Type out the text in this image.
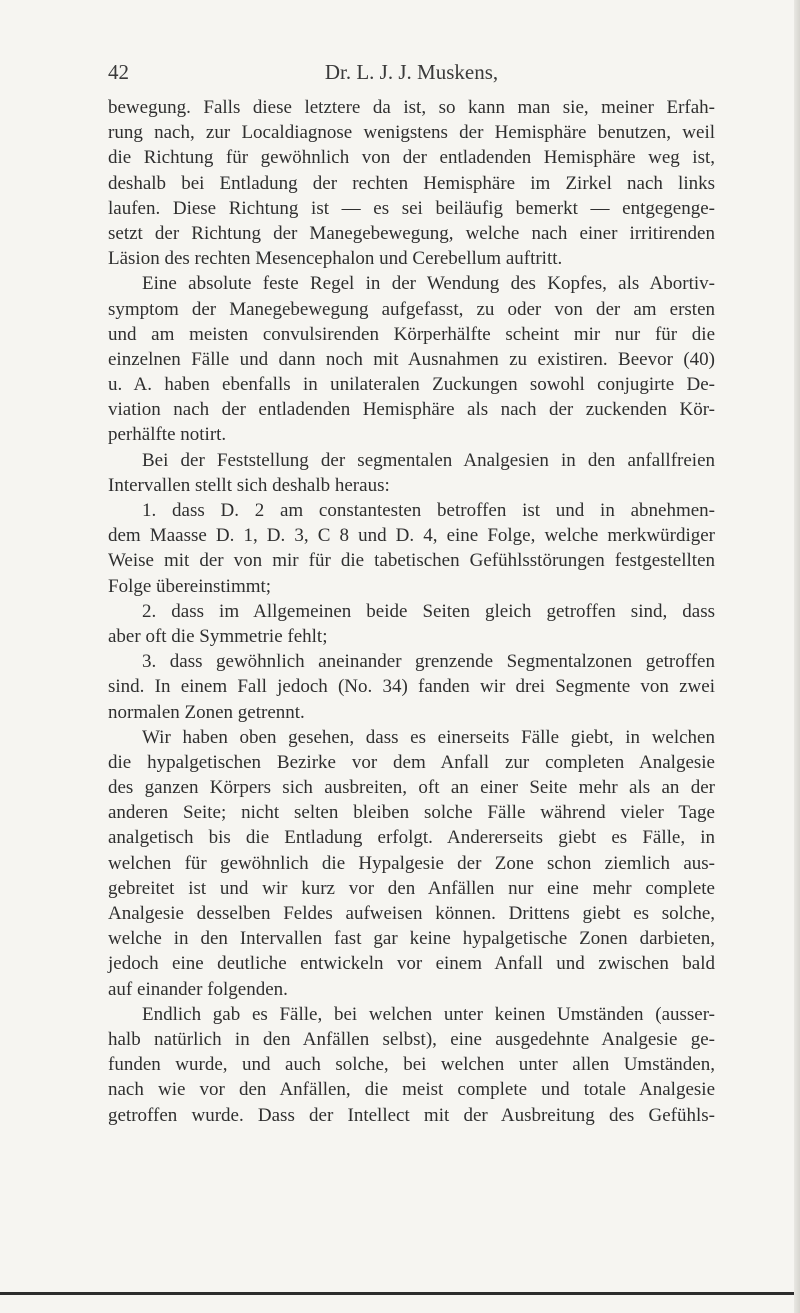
42	Dr. L. J. J. Muskens,
bewegung. Falls diese letztere da ist, so kann man sie, meiner Erfah-
rung nach, zur Localdiagnose wenigstens der Hemisphäre benutzen, weil
die Richtung für gewöhnlich von der entladenden Hemisphäre weg ist,
deshalb bei Entladung der rechten Hemisphäre im Zirkel nach links
laufen. Diese Richtung ist — es sei beiläufig bemerkt — entgegenge-
setzt der Richtung der Manegebewegung, welche nach einer irritirenden
Läsion des rechten Mesencephalon und Cerebellum auftritt.
Eine absolute feste Regel in der Wendung des Kopfes, als Abortiv-
symptom der Manegebewegung aufgefasst, zu oder von der am ersten
und am meisten convulsirenden Körperhälfte scheint mir nur für die
einzelnen Fälle und dann noch mit Ausnahmen zu existiren. Beevor (40)
u. A. haben ebenfalls in unilateralen Zuckungen sowohl conjugirte De-
viation nach der entladenden Hemisphäre als nach der zuckenden Kör-
perhälfte notirt.
Bei der Feststellung der segmentalen Analgesien in den anfallfreien
Intervallen stellt sich deshalb heraus:
1. dass D. 2 am constantesten betroffen ist und in abnehmen-
dem Maasse D. 1, D. 3, C 8 und D. 4, eine Folge, welche merkwürdiger
Weise mit der von mir für die tabetischen Gefühlsstörungen festgestellten
Folge übereinstimmt;
2. dass im Allgemeinen beide Seiten gleich getroffen sind, dass
aber oft die Symmetrie fehlt;
3. dass gewöhnlich aneinander grenzende Segmentalzonen getroffen
sind. In einem Fall jedoch (No. 34) fanden wir drei Segmente von zwei
normalen Zonen getrennt.
Wir haben oben gesehen, dass es einerseits Fälle giebt, in welchen
die hypalgetischen Bezirke vor dem Anfall zur completen Analgesie
des ganzen Körpers sich ausbreiten, oft an einer Seite mehr als an der
anderen Seite; nicht selten bleiben solche Fälle während vieler Tage
analgetisch bis die Entladung erfolgt. Andererseits giebt es Fälle, in
welchen für gewöhnlich die Hypalgesie der Zone schon ziemlich aus-
gebreitet ist und wir kurz vor den Anfällen nur eine mehr complete
Analgesie desselben Feldes aufweisen können. Drittens giebt es solche,
welche in den Intervallen fast gar keine hypalgetische Zonen darbieten,
jedoch eine deutliche entwickeln vor einem Anfall und zwischen bald
auf einander folgenden.
Endlich gab es Fälle, bei welchen unter keinen Umständen (ausser-
halb natürlich in den Anfällen selbst), eine ausgedehnte Analgesie ge-
funden wurde, und auch solche, bei welchen unter allen Umständen,
nach wie vor den Anfällen, die meist complete und totale Analgesie
getroffen wurde. Dass der Intellect mit der Ausbreitung des Gefühls-
